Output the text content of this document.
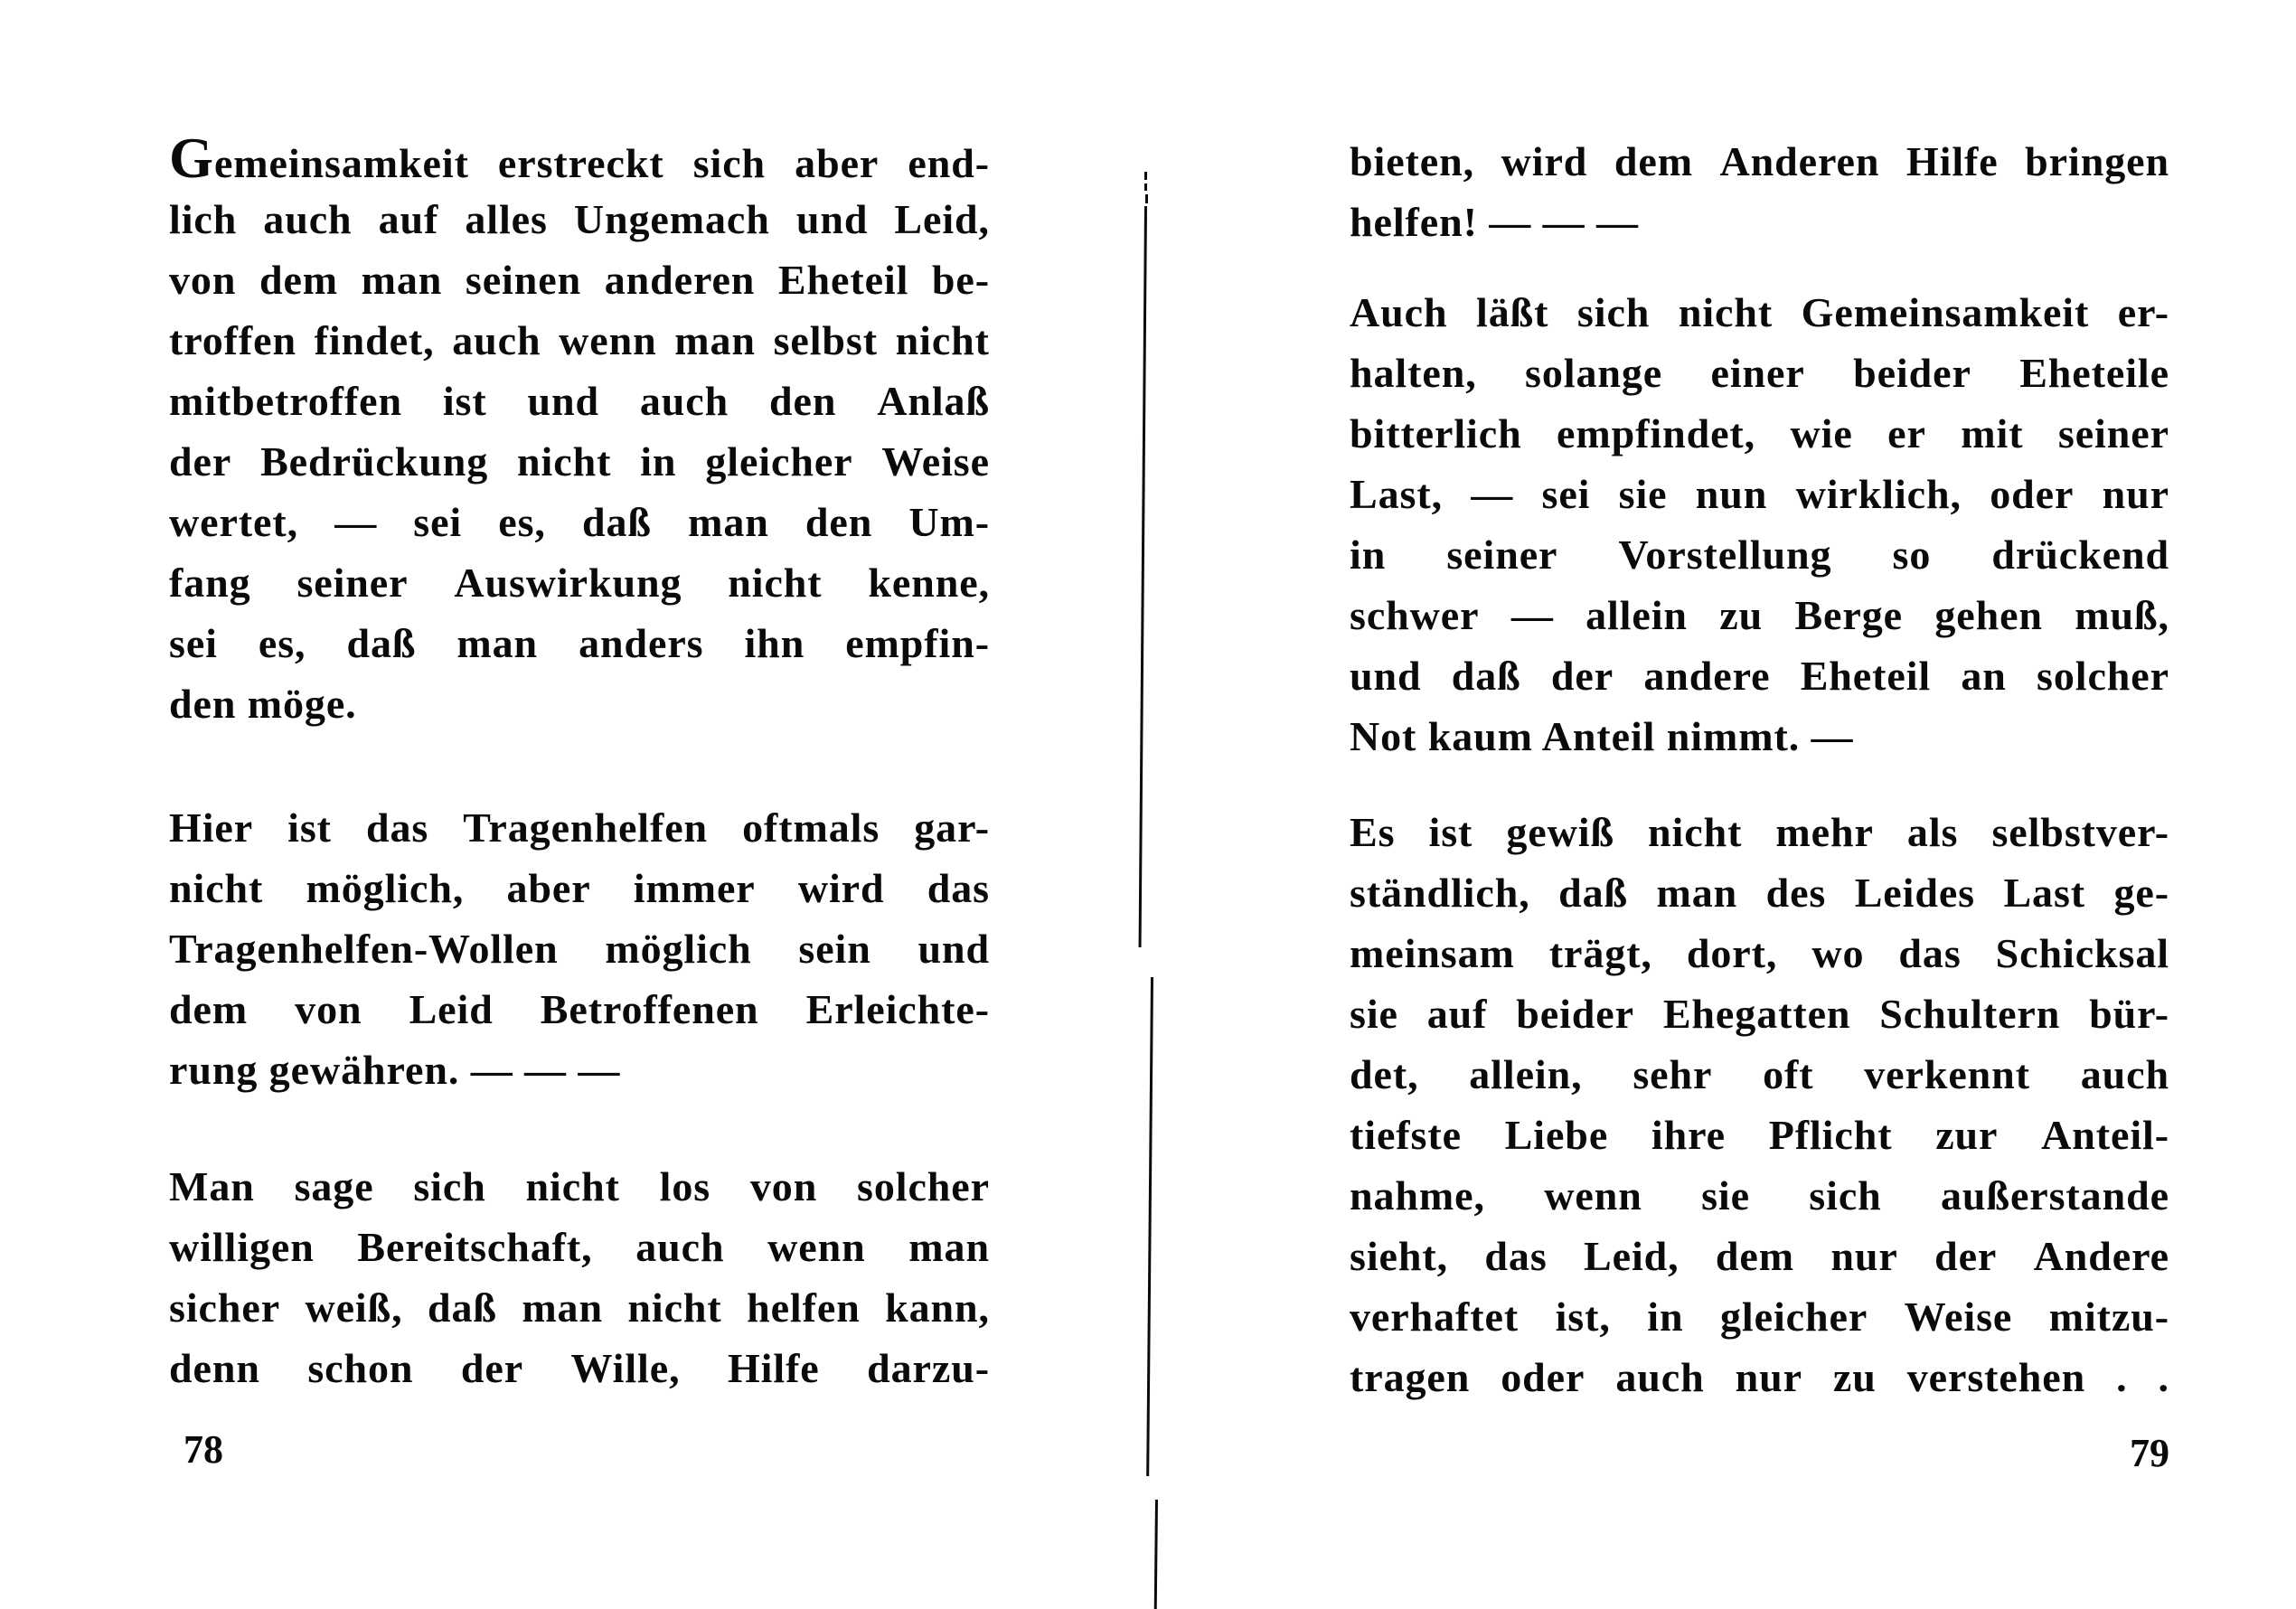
Gemeinsamkeit erstreckt sich aber end-
lich auch auf alles Ungemach und Leid,
von dem man seinen anderen Eheteil be-
troffen findet, auch wenn man selbst nicht
mitbetroffen ist und auch den Anlaß
der Bedrückung nicht in gleicher Weise
wertet, — sei es, daß man den Um-
fang seiner Auswirkung nicht kenne,
sei es, daß man anders ihn empfin-
den möge.
Hier ist das Tragenhelfen oftmals gar-
nicht möglich, aber immer wird das
Tragenhelfen-Wollen möglich sein und
dem von Leid Betroffenen Erleichte-
rung gewähren. — — —
Man sage sich nicht los von solcher
willigen Bereitschaft, auch wenn man
sicher weiß, daß man nicht helfen kann,
denn schon der Wille, Hilfe darzu-
78
bieten, wird dem Anderen Hilfe bringen
helfen! — — —
Auch läßt sich nicht Gemeinsamkeit er-
halten, solange einer beider Eheteile
bitterlich empfindet, wie er mit seiner
Last, — sei sie nun wirklich, oder nur
in seiner Vorstellung so drückend
schwer — allein zu Berge gehen muß,
und daß der andere Eheteil an solcher
Not kaum Anteil nimmt. —
Es ist gewiß nicht mehr als selbstver-
ständlich, daß man des Leides Last ge-
meinsam trägt, dort, wo das Schicksal
sie auf beider Ehegatten Schultern bür-
det, allein, sehr oft verkennt auch
tiefste Liebe ihre Pflicht zur Anteil-
nahme, wenn sie sich außerstande
sieht, das Leid, dem nur der Andere
verhaftet ist, in gleicher Weise mitzu-
tragen oder auch nur zu verstehen . .
79
